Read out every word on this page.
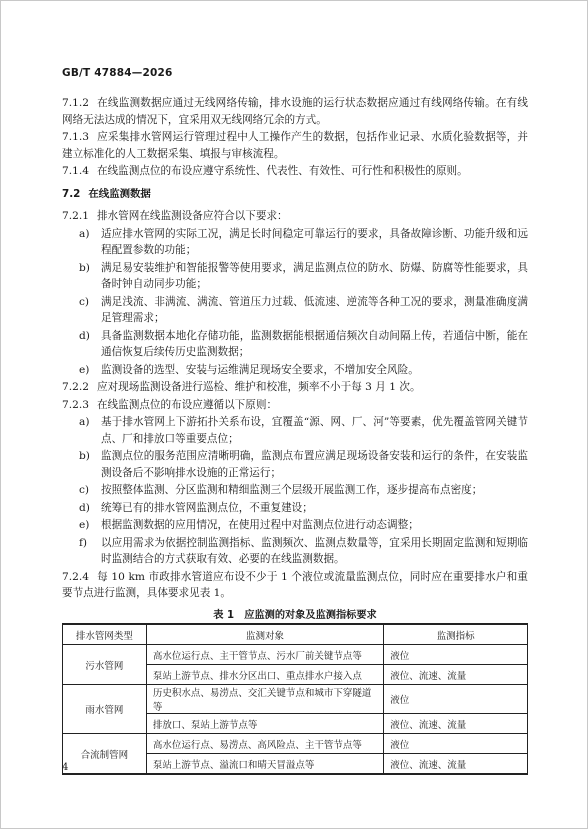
GB/T 47884—2026

7.1.2 在线监测数据应通过无线网络传输，排水设施的运行状态数据应通过有线网络传输。在有线网络无法达成的情况下，宜采用双无线网络冗余的方式。

7.1.3 应采集排水管网运行管理过程中人工操作产生的数据，包括作业记录、水质化验数据等，并建立标准化的人工数据采集、填报与审核流程。

7.1.4 在线监测点位的布设应遵守系统性、代表性、有效性、可行性和积极性的原则。

7.2 在线监测数据

7.2.1 排水管网在线监测设备应符合以下要求：

a)	适应排水管网的实际工况，满足长时间稳定可靠运行的要求，具备故障诊断、功能升级和远程配置参数的功能；
b)	满足易安装维护和智能报警等使用要求，满足监测点位的防水、防爆、防腐等性能要求，具备时钟自动同步功能；
c)	满足浅流、非满流、满流、管道压力过载、低流速、逆流等各种工况的要求，测量准确度满足管理需求；
d)	具备监测数据本地化存储功能，监测数据能根据通信频次自动间隔上传，若通信中断，能在通信恢复后续传历史监测数据；
e)	监测设备的选型、安装与运维满足现场安全要求，不增加安全风险。

7.2.2 应对现场监测设备进行巡检、维护和校准，频率不小于每 3 月 1 次。

7.2.3 在线监测点位的布设应遵循以下原则：

a)	基于排水管网上下游拓扑关系布设，宜覆盖“源、网、厂、河”等要素，优先覆盖管网关键节点、厂和排放口等重要点位；
b)	监测点位的服务范围应清晰明确，监测点布置应满足现场设备安装和运行的条件，在安装监测设备后不影响排水设施的正常运行；
c)	按照整体监测、分区监测和精细监测三个层级开展监测工作，逐步提高布点密度；
d)	统筹已有的排水管网监测点位，不重复建设；
e)	根据监测数据的应用情况，在使用过程中对监测点位进行动态调整；
f)	以应用需求为依据控制监测指标、监测频次、监测点数量等，宜采用长期固定监测和短期临时监测结合的方式获取有效、必要的在线监测数据。

7.2.4 每 10 km 市政排水管道应布设不少于 1 个液位或流量监测点位，同时应在重要排水户和重要节点进行监测，具体要求见表 1。

表 1　应监测的对象及监测指标要求
排水管网类型	监测对象	监测指标
污水管网	高水位运行点、主干管节点、污水厂前关键节点等	液位
	泵站上游节点、排水分区出口、重点排水户接入点	液位、流速、流量
雨水管网	历史积水点、易涝点、交汇关键节点和城市下穿隧道等	液位
	排放口、泵站上游节点等	液位、流速、流量
合流制管网	高水位运行点、易涝点、高风险点、主干管节点等	液位
	泵站上游节点、溢流口和晴天冒溢点等	液位、流速、流量
4
